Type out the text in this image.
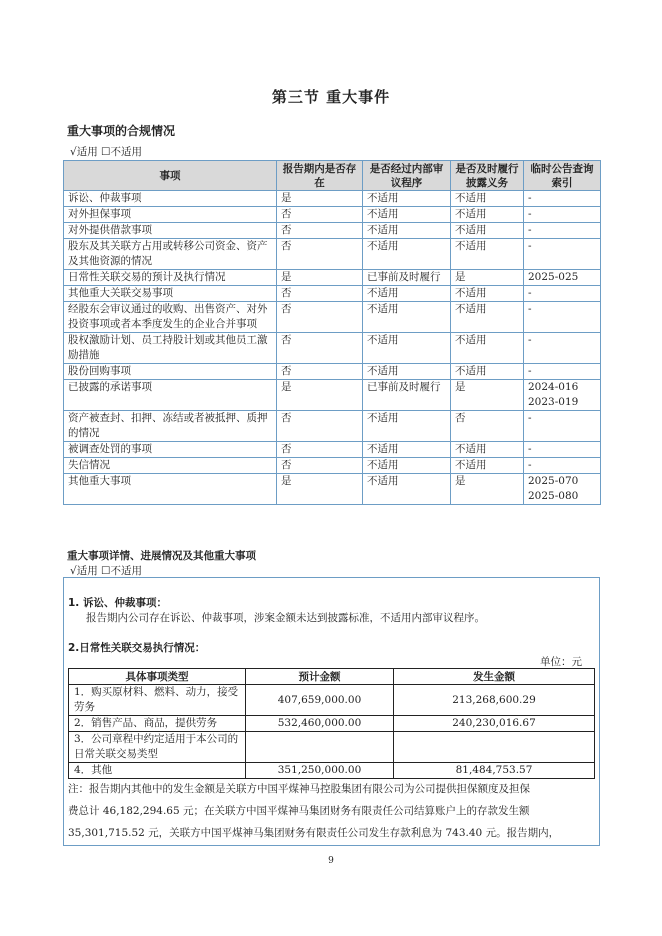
第三节 重大事件
重大事项的合规情况
√适用 ☐不适用
事项	报告期内是否存在	是否经过内部审议程序	是否及时履行披露义务	临时公告查询索引
诉讼、仲裁事项	是	不适用	不适用	-
对外担保事项	否	不适用	不适用	-
对外提供借款事项	否	不适用	不适用	-
股东及其关联方占用或转移公司资金、资产及其他资源的情况	否	不适用	不适用	-
日常性关联交易的预计及执行情况	是	已事前及时履行	是	2025-025
其他重大关联交易事项	否	不适用	不适用	-
经股东会审议通过的收购、出售资产、对外投资事项或者本季度发生的企业合并事项	否	不适用	不适用	-
股权激励计划、员工持股计划或其他员工激励措施	否	不适用	不适用	-
股份回购事项	否	不适用	不适用	-
已披露的承诺事项	是	已事前及时履行	是	2024-016 2023-019
资产被查封、扣押、冻结或者被抵押、质押的情况	否	不适用	否	-
被调查处罚的事项	否	不适用	不适用	-
失信情况	否	不适用	不适用	-
其他重大事项	是	不适用	是	2025-070 2025-080
重大事项详情、进展情况及其他重大事项
√适用 ☐不适用
1. 诉讼、仲裁事项：
报告期内公司存在诉讼、仲裁事项，涉案金额未达到披露标准，不适用内部审议程序。
2.日常性关联交易执行情况：
单位：元
具体事项类型	预计金额	发生金额
1．购买原材料、燃料、动力，接受劳务	407,659,000.00	213,268,600.29
2．销售产品、商品，提供劳务	532,460,000.00	240,230,016.67
3．公司章程中约定适用于本公司的日常关联交易类型		
4．其他	351,250,000.00	81,484,753.57
注：报告期内其他中的发生金额是关联方中国平煤神马控股集团有限公司为公司提供担保额度及担保
费总计 46,182,294.65 元；在关联方中国平煤神马集团财务有限责任公司结算账户上的存款发生额
35,301,715.52 元，关联方中国平煤神马集团财务有限责任公司发生存款利息为 743.40 元。报告期内，
9
